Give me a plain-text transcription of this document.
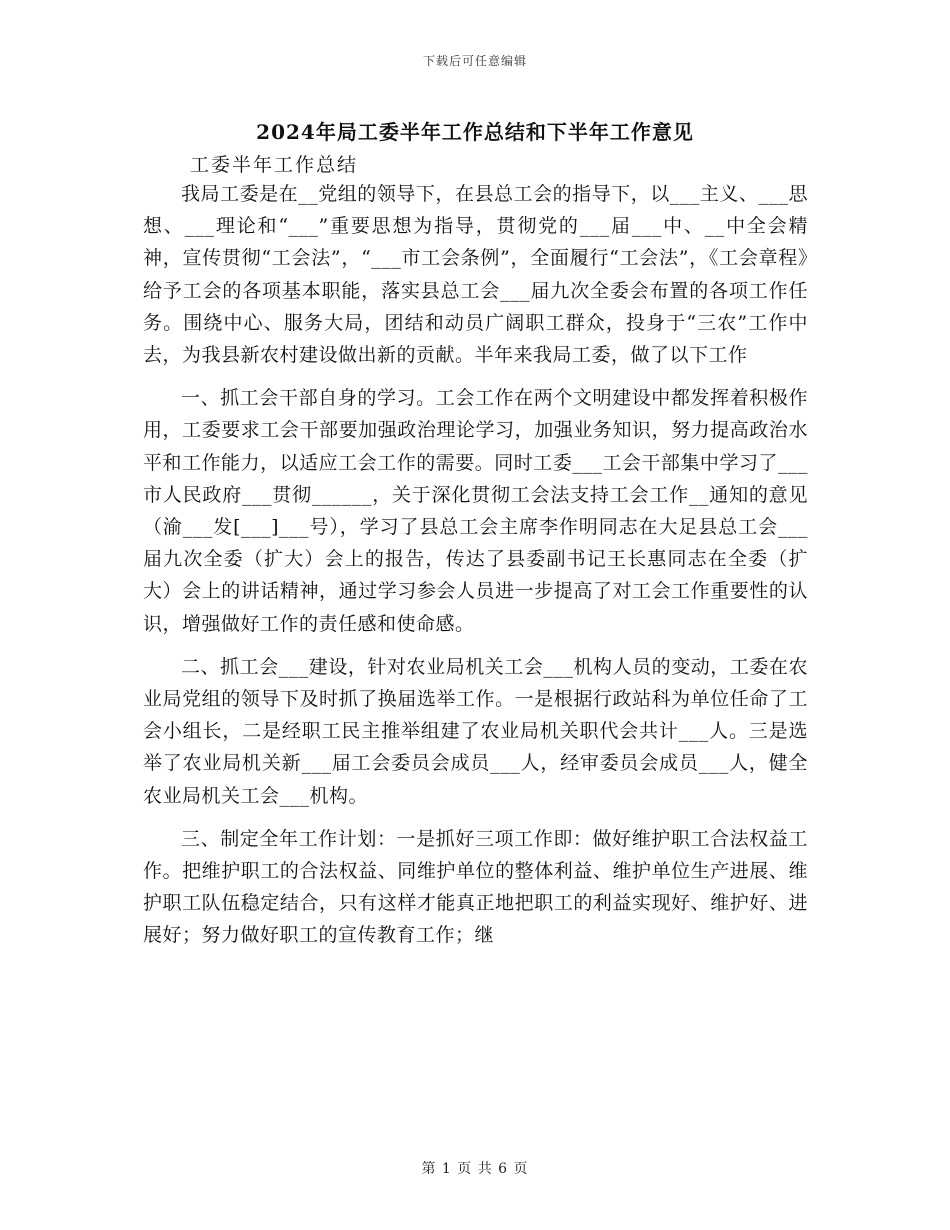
下载后可任意编辑
2024年局工委半年工作总结和下半年工作意见
工委半年工作总结

我局工委是在__党组的领导下，在县总工会的指导下，以___主义、___思想、___理论和“___”重要思想为指导，贯彻党的___届___中、__中全会精神，宣传贯彻“工会法”，“___市工会条例”，全面履行“工会法”，《工会章程》给予工会的各项基本职能，落实县总工会___届九次全委会布置的各项工作任务。围绕中心、服务大局，团结和动员广阔职工群众，投身于“三农”工作中去，为我县新农村建设做出新的贡献。半年来我局工委，做了以下工作

一、抓工会干部自身的学习。工会工作在两个文明建设中都发挥着积极作用，工委要求工会干部要加强政治理论学习，加强业务知识，努力提高政治水平和工作能力，以适应工会工作的需要。同时工委___工会干部集中学习了___市人民政府___贯彻______，关于深化贯彻工会法支持工会工作__通知的意见（渝___发[___]___号），学习了县总工会主席李作明同志在大足县总工会___届九次全委（扩大）会上的报告，传达了县委副书记王长惠同志在全委（扩大）会上的讲话精神，通过学习参会人员进一步提高了对工会工作重要性的认识，增强做好工作的责任感和使命感。

二、抓工会___建设，针对农业局机关工会___机构人员的变动，工委在农业局党组的领导下及时抓了换届选举工作。一是根据行政站科为单位任命了工会小组长，二是经职工民主推举组建了农业局机关职代会共计___人。三是选举了农业局机关新___届工会委员会成员___人，经审委员会成员___人，健全农业局机关工会___机构。

三、制定全年工作计划：一是抓好三项工作即：做好维护职工合法权益工作。把维护职工的合法权益、同维护单位的整体利益、维护单位生产进展、维护职工队伍稳定结合，只有这样才能真正地把职工的利益实现好、维护好、进展好；努力做好职工的宣传教育工作；继

第 1 页 共 6 页
